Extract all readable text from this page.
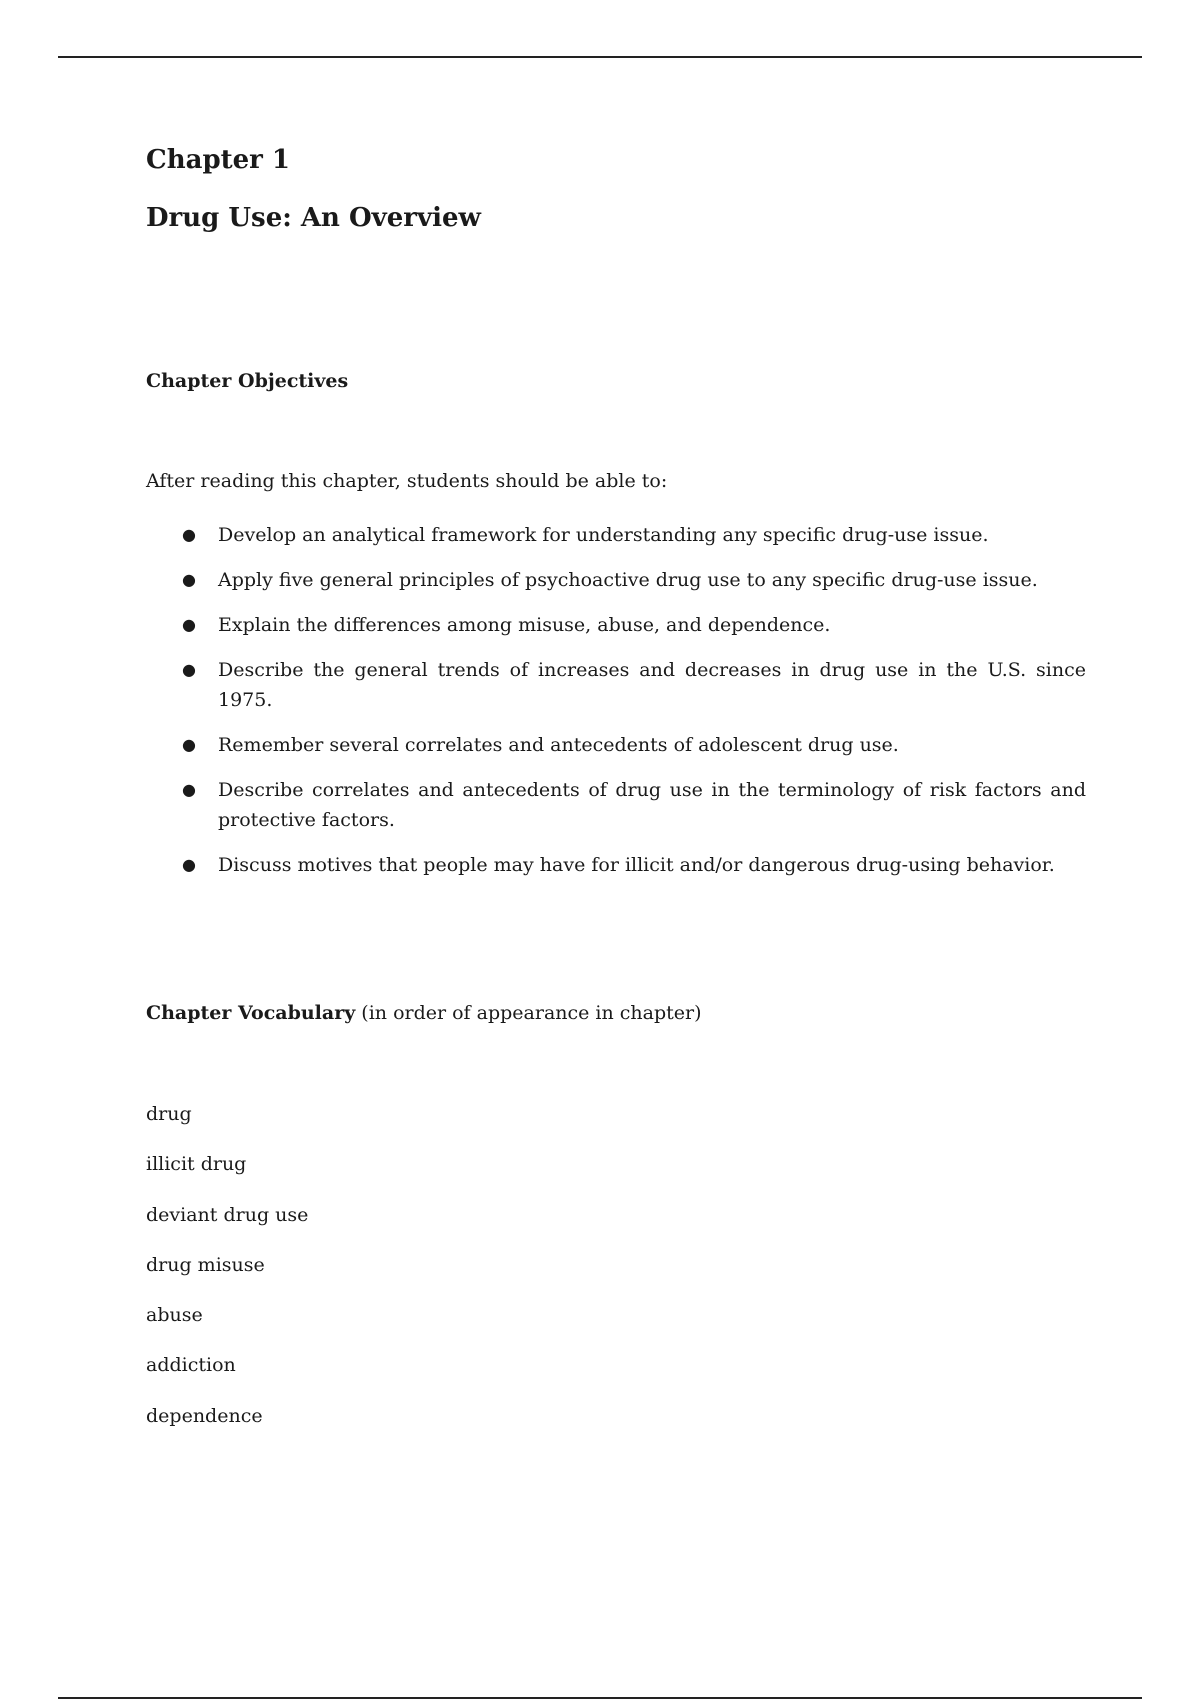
Chapter 1
Drug Use: An Overview
Chapter Objectives

After reading this chapter, students should be able to:

● Develop an analytical framework for understanding any specific drug-use issue.
● Apply five general principles of psychoactive drug use to any specific drug-use issue.
● Explain the differences among misuse, abuse, and dependence.
● Describe the general trends of increases and decreases in drug use in the U.S. since 1975.
● Remember several correlates and antecedents of adolescent drug use.
● Describe correlates and antecedents of drug use in the terminology of risk factors and protective factors.
● Discuss motives that people may have for illicit and/or dangerous drug-using behavior.

Chapter Vocabulary (in order of appearance in chapter)

drug
illicit drug
deviant drug use
drug misuse
abuse
addiction
dependence
